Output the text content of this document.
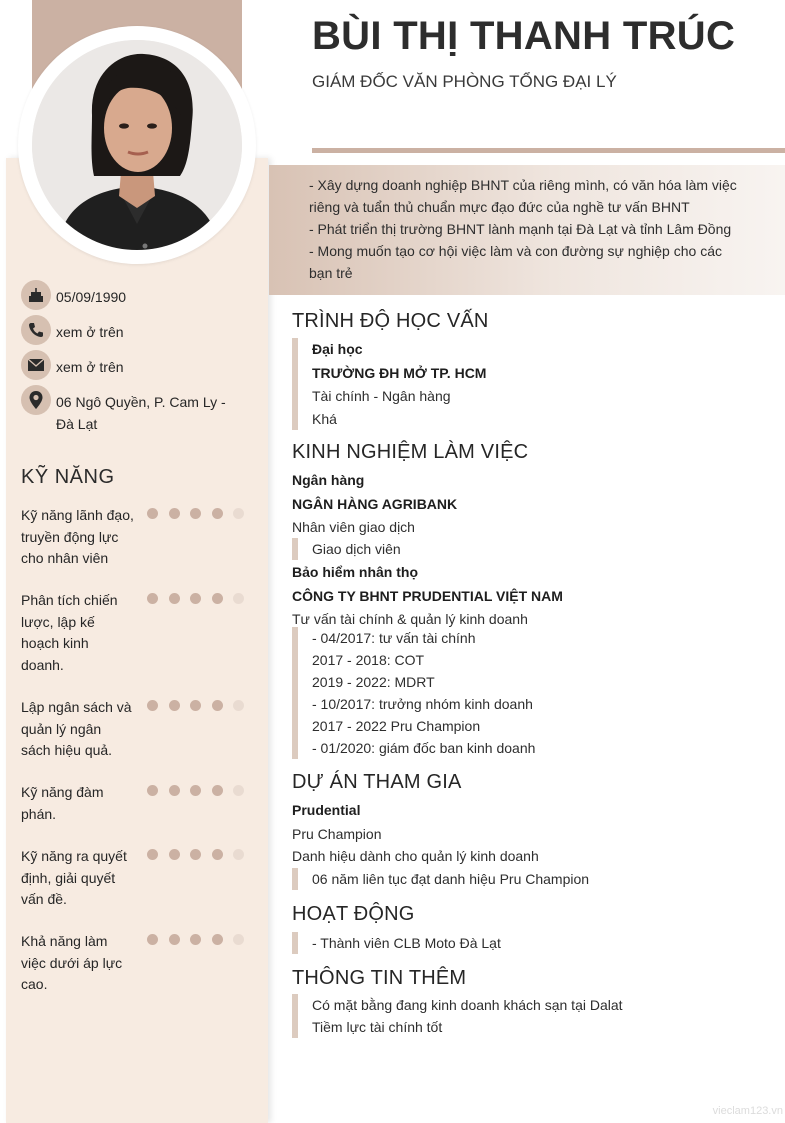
05/09/1990
xem ở trên
xem ở trên
06 Ngô Quyền, P. Cam Ly -
Đà Lạt
KỸ NĂNG
Kỹ năng lãnh đạo,
truyền động lực
cho nhân viên
Phân tích chiến
lược, lập kế
hoạch kinh
doanh.
Lập ngân sách và
quản lý ngân
sách hiệu quả.
Kỹ năng đàm
phán.
Kỹ năng ra quyết
định, giải quyết
vấn đề.
Khả năng làm
việc dưới áp lực
cao.
BÙI THỊ THANH TRÚC
GIÁM ĐỐC VĂN PHÒNG TỔNG ĐẠI LÝ

- Xây dựng doanh nghiệp BHNT của riêng mình, có văn hóa làm việc

riêng và tuẩn thủ chuẩn mực đạo đức của nghề tư vấn BHNT

- Phát triển thị trường BHNT lành mạnh tại Đà Lạt và tỉnh Lâm Đồng

- Mong muốn tạo cơ hội việc làm và con đường sự nghiệp cho các

bạn trẻ

TRÌNH ĐỘ HỌC VẤN
Đại học
TRƯỜNG ĐH MỞ TP. HCM
Tài chính - Ngân hàng
Khá
KINH NGHIỆM LÀM VIỆC
Ngân hàng
NGÂN HÀNG AGRIBANK
Nhân viên giao dịch
Giao dịch viên
Bảo hiểm nhân thọ
CÔNG TY BHNT PRUDENTIAL VIỆT NAM
Tư vấn tài chính & quản lý kinh doanh
- 04/2017: tư vấn tài chính
2017 - 2018: COT
2019 - 2022: MDRT
- 10/2017: trưởng nhóm kinh doanh
2017 - 2022 Pru Champion
- 01/2020: giám đốc ban kinh doanh
DỰ ÁN THAM GIA
Prudential
Pru Champion
Danh hiệu dành cho quản lý kinh doanh
06 năm liên tục đạt danh hiệu Pru Champion
HOẠT ĐỘNG
- Thành viên CLB Moto Đà Lạt
THÔNG TIN THÊM
Có mặt bằng đang kinh doanh khách sạn tại Dalat
Tiềm lực tài chính tốt
vieclam123.vn
